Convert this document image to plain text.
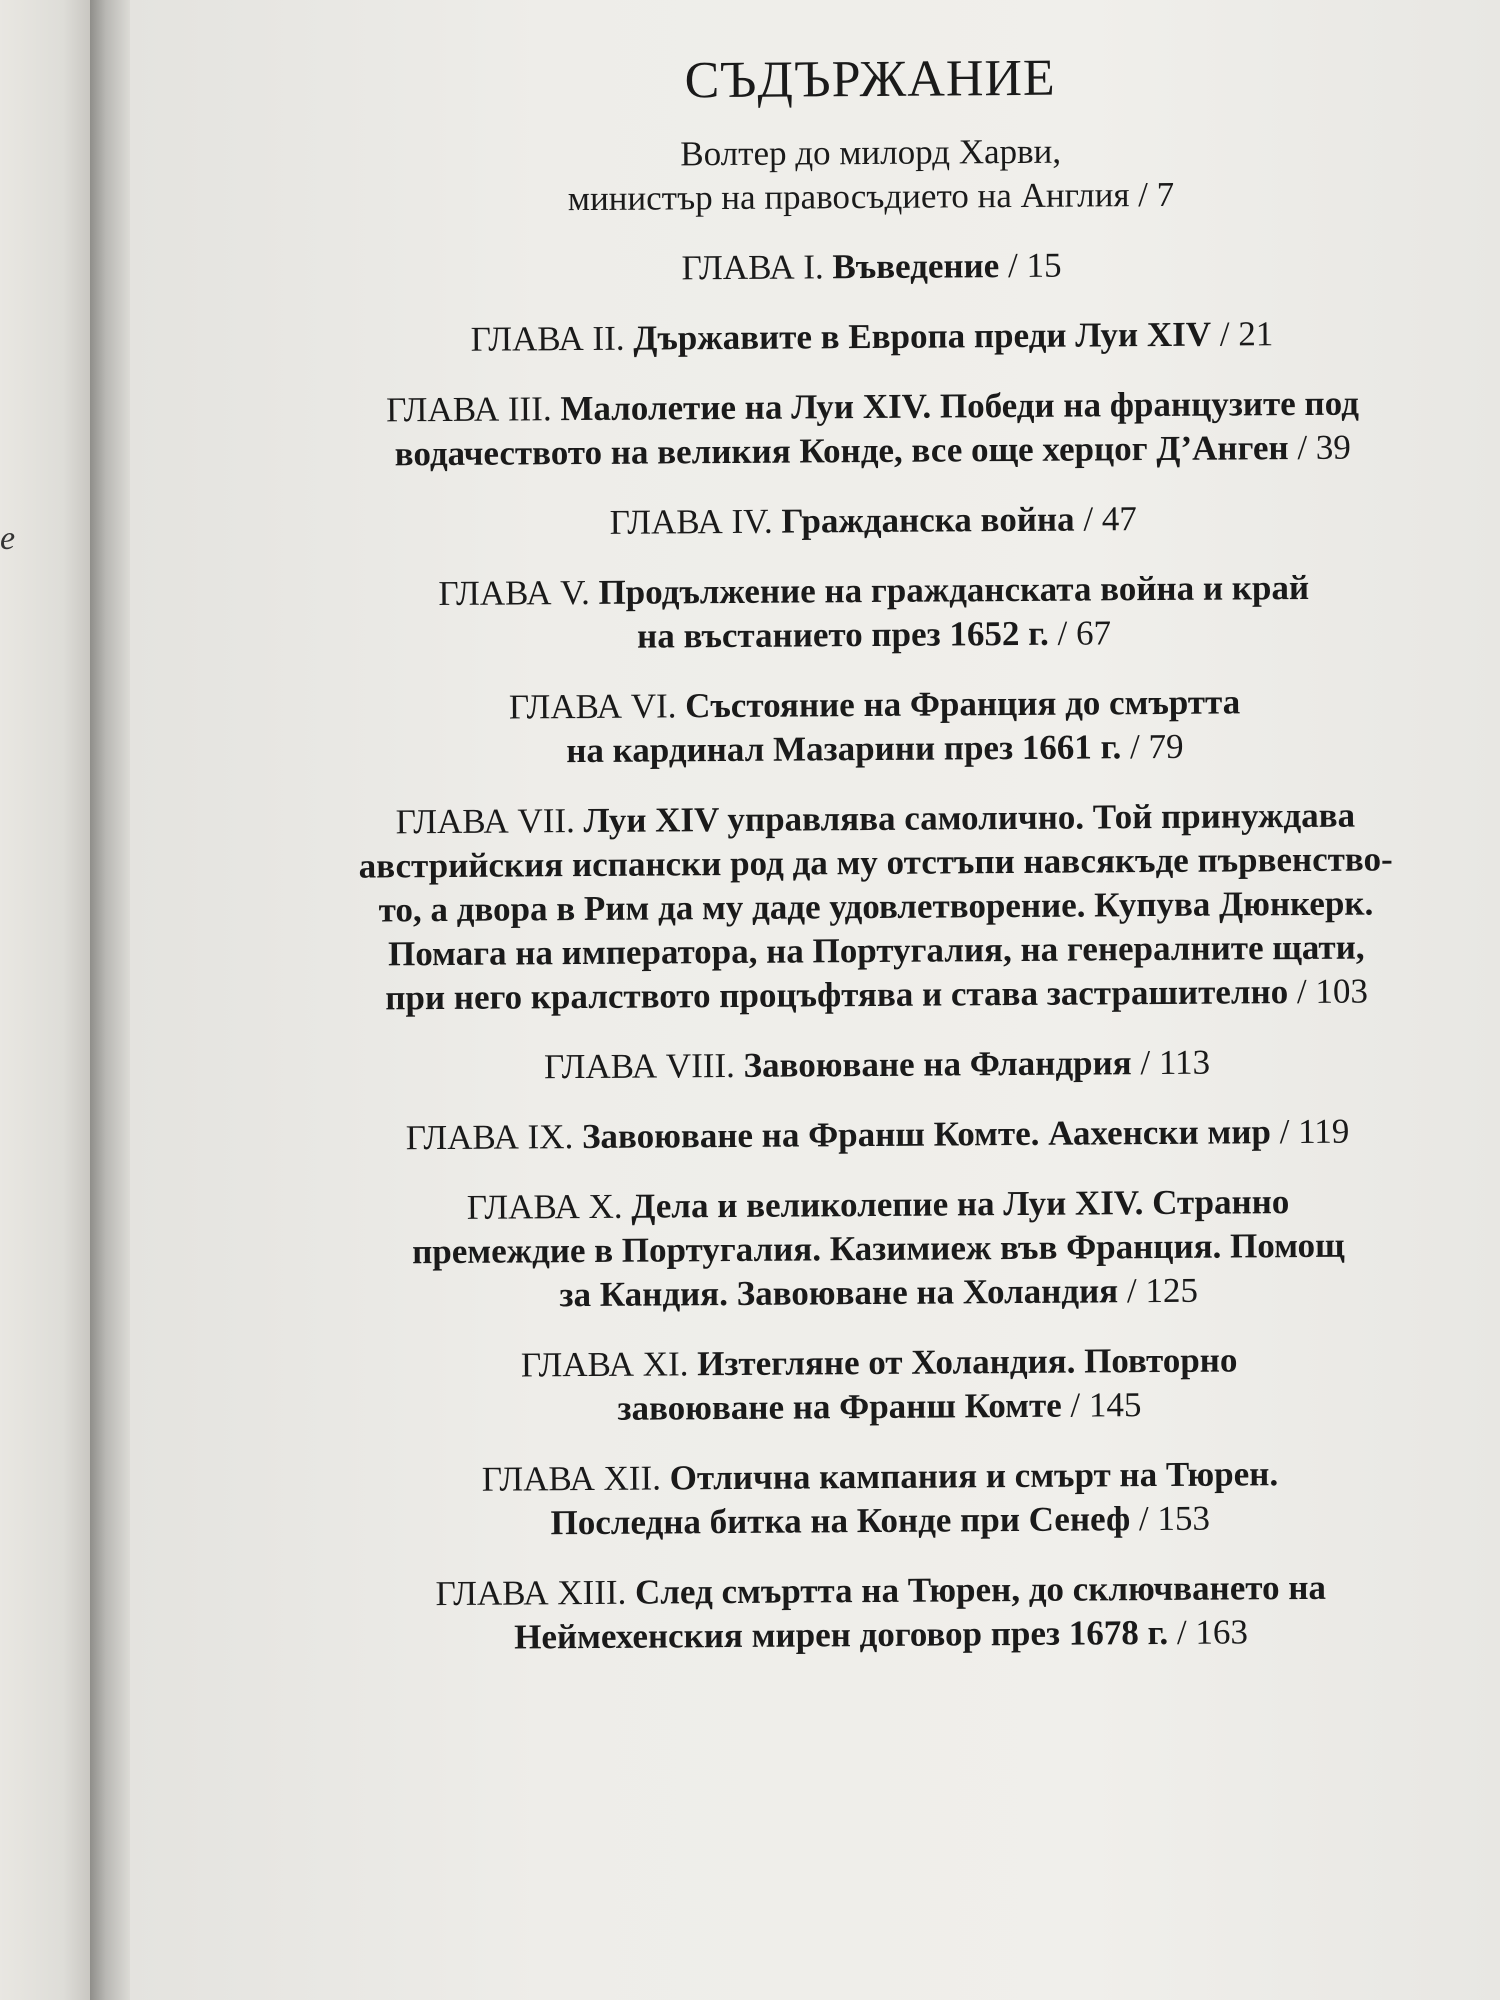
е
СЪДЪРЖАНИЕ
Волтер до милорд Харви,
министър на правосъдието на Англия / 7
ГЛАВА I. Въведение / 15
ГЛАВА II. Държавите в Европа преди Луи XIV / 21
ГЛАВА III. Малолетие на Луи XIV. Победи на французите под
водачеството на великия Конде, все още херцог Д’Анген / 39
ГЛАВА IV. Гражданска война / 47
ГЛАВА V. Продължение на гражданската война и край
на въстанието през 1652 г. / 67
ГЛАВА VI. Състояние на Франция до смъртта
на кардинал Мазарини през 1661 г. / 79
ГЛАВА VII. Луи XIV управлява самолично. Той принуждава
австрийския испански род да му отстъпи навсякъде първенство-
то, а двора в Рим да му даде удовлетворение. Купува Дюнкерк.
Помага на императора, на Португалия, на генералните щати,
при него кралството процъфтява и става застрашително / 103
ГЛАВА VIII. Завоюване на Фландрия / 113
ГЛАВА IX. Завоюване на Франш Комте. Аахенски мир / 119
ГЛАВА X. Дела и великолепие на Луи XIV. Странно
премеждие в Португалия. Казимиеж във Франция. Помощ
за Кандия. Завоюване на Холандия / 125
ГЛАВА XI. Изтегляне от Холандия. Повторно
завоюване на Франш Комте / 145
ГЛАВА XII. Отлична кампания и смърт на Тюрен.
Последна битка на Конде при Сенеф / 153
ГЛАВА XIII. След смъртта на Тюрен, до сключването на
Неймехенския мирен договор през 1678 г. / 163
